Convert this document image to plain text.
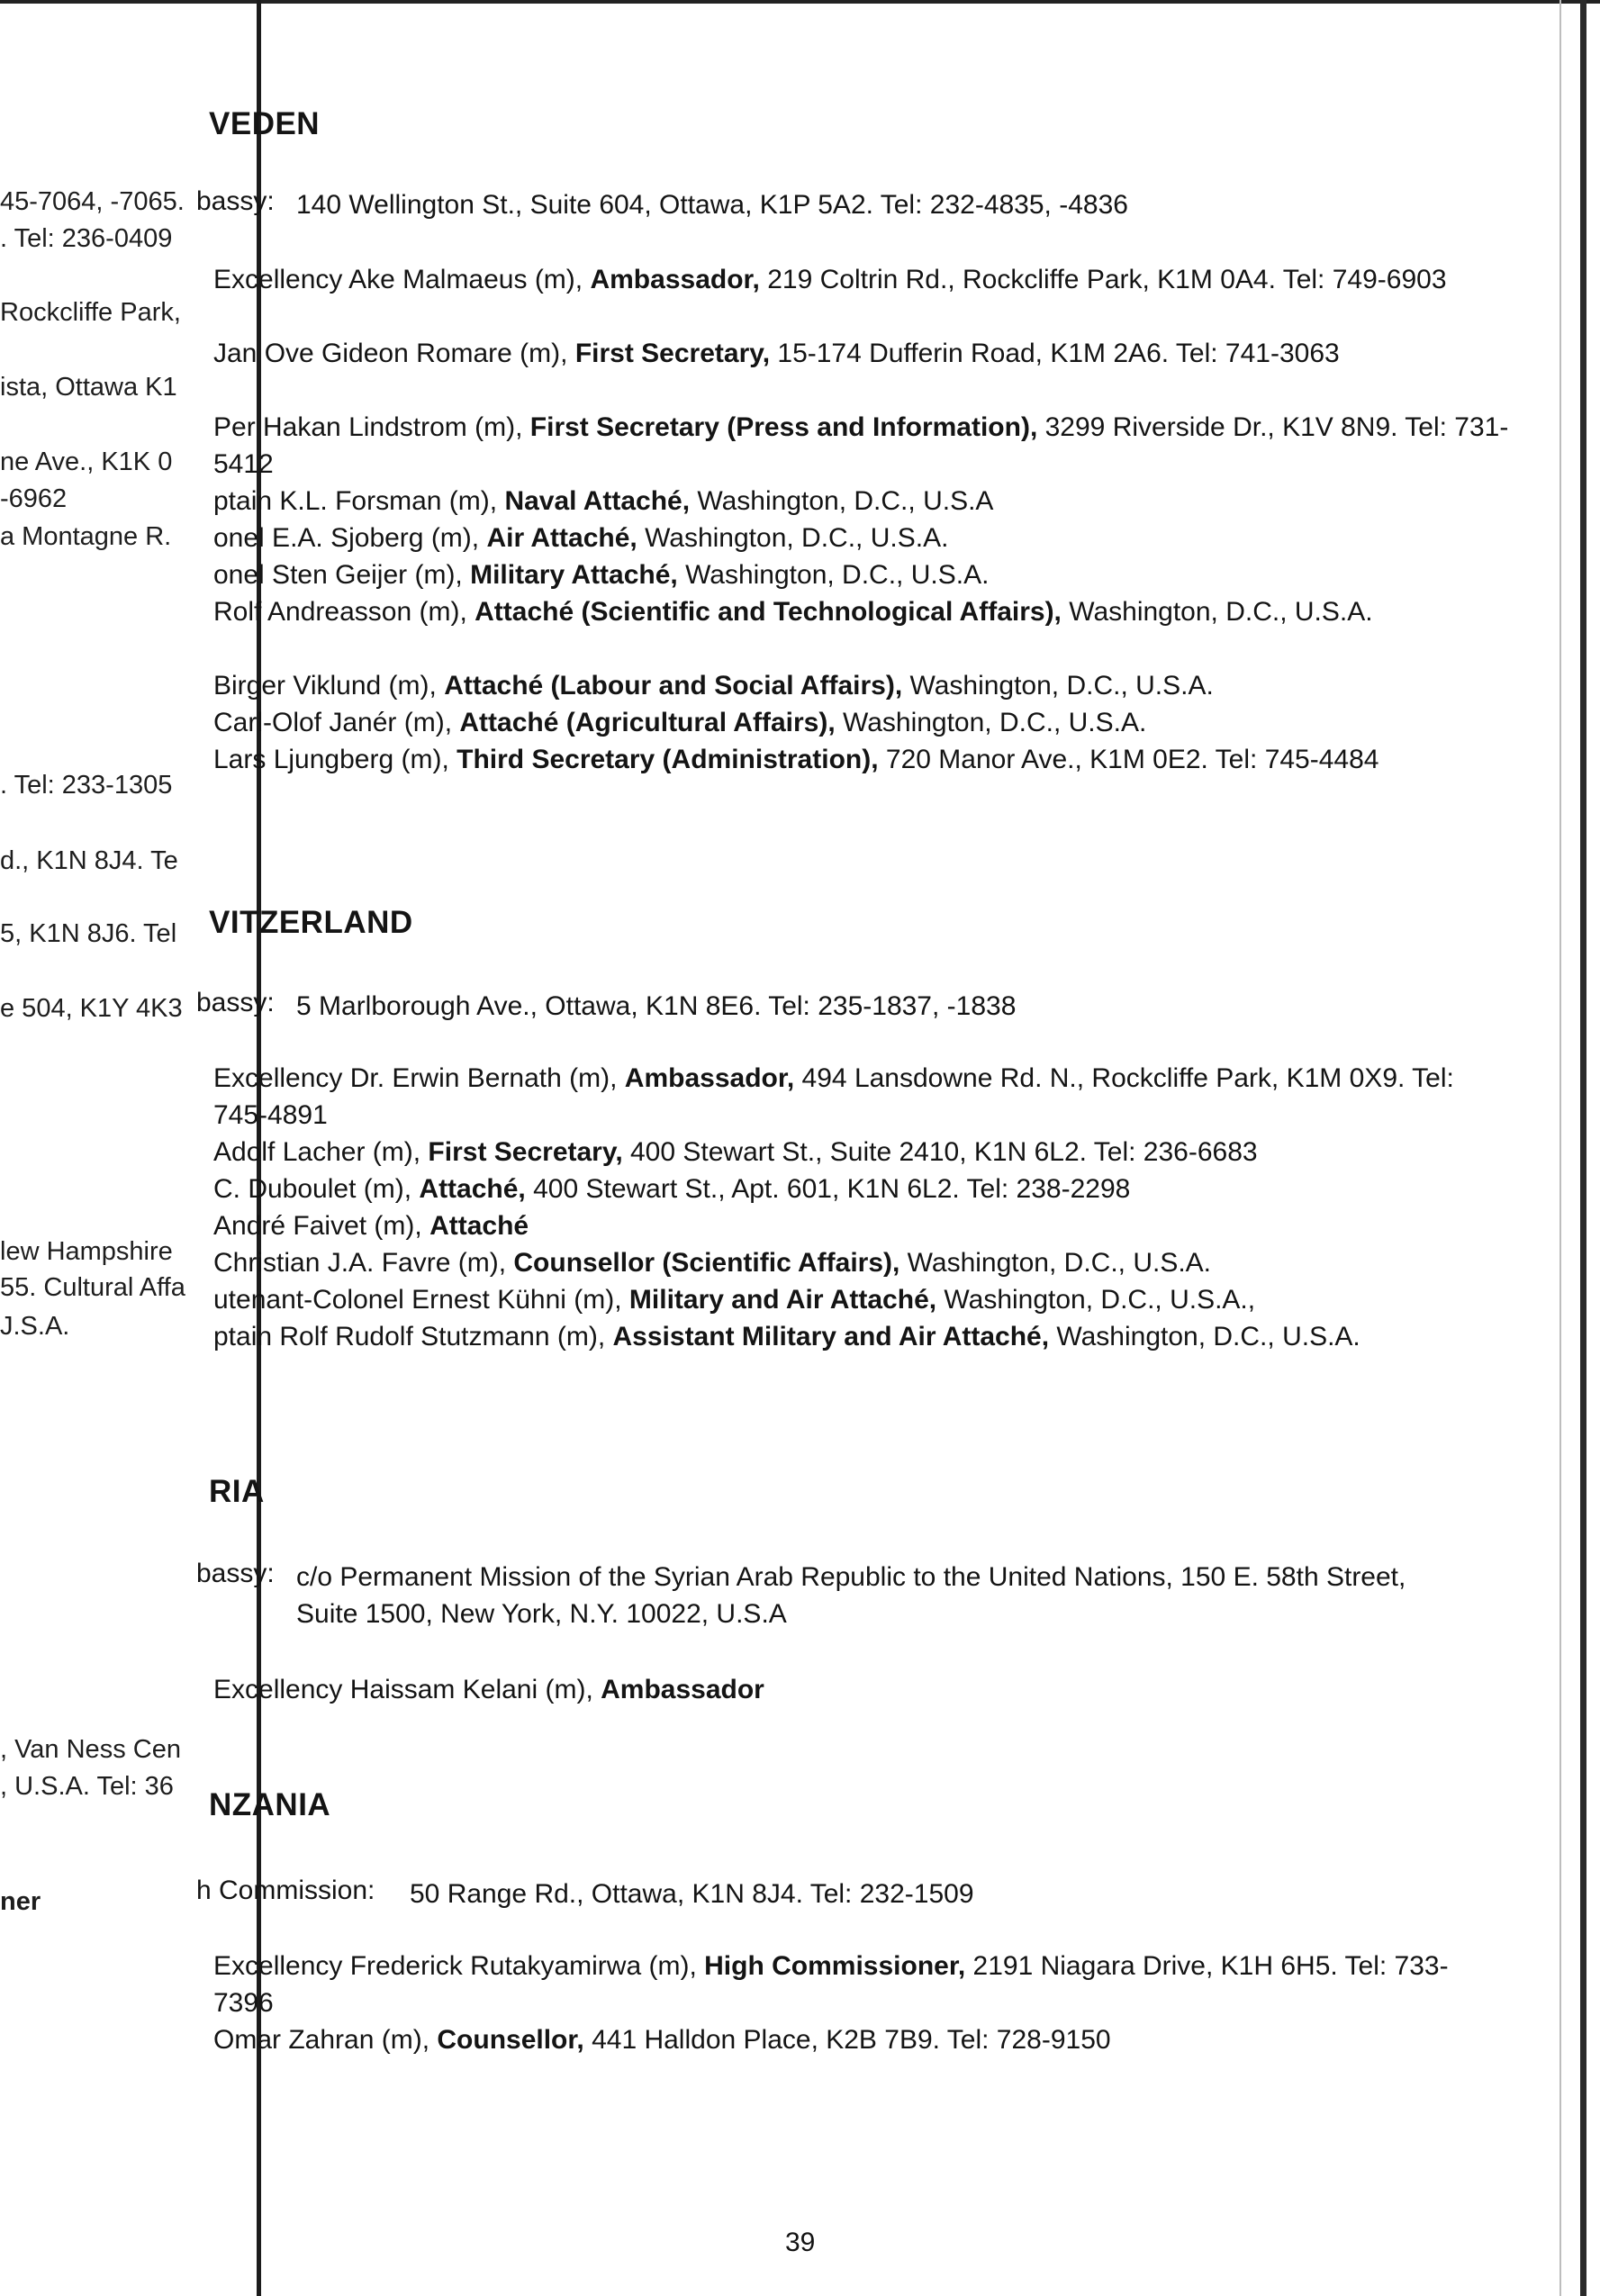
45-7064, -7065.
. Tel: 236-0409
Rockcliffe Park,
ista, Ottawa K1
ne Ave., K1K 0
-6962
a Montagne R.
. Tel: 233-1305
d., K1N 8J4. Te
5, K1N 8J6. Tel
e 504, K1Y 4K3
lew Hampshire
55. Cultural Affa
J.S.A.
, Van Ness Cen
, U.S.A. Tel: 36
ner
VEDEN
bassy: 140 Wellington St., Suite 604, Ottawa, K1P 5A2. Tel: 232-4835, -4836
Excellency Ake Malmaeus (m), Ambassador, 219 Coltrin Rd., Rockcliffe Park, K1M 0A4. Tel: 749-6903
Jan Ove Gideon Romare (m), First Secretary, 15-174 Dufferin Road, K1M 2A6. Tel: 741-3063
Per Hakan Lindstrom (m), First Secretary (Press and Information), 3299 Riverside Dr., K1V 8N9. Tel: 731-5412
ptain K.L. Forsman (m), Naval Attaché, Washington, D.C., U.S.A
onel E.A. Sjoberg (m), Air Attaché, Washington, D.C., U.S.A.
onel Sten Geijer (m), Military Attaché, Washington, D.C., U.S.A.
Rolf Andreasson (m), Attaché (Scientific and Technological Affairs), Washington, D.C., U.S.A.
Birger Viklund (m), Attaché (Labour and Social Affairs), Washington, D.C., U.S.A.
Carl-Olof Janér (m), Attaché (Agricultural Affairs), Washington, D.C., U.S.A.
Lars Ljungberg (m), Third Secretary (Administration), 720 Manor Ave., K1M 0E2. Tel: 745-4484
VITZERLAND
bassy: 5 Marlborough Ave., Ottawa, K1N 8E6. Tel: 235-1837, -1838
Excellency Dr. Erwin Bernath (m), Ambassador, 494 Lansdowne Rd. N., Rockcliffe Park, K1M 0X9. Tel: 745-4891
Adolf Lacher (m), First Secretary, 400 Stewart St., Suite 2410, K1N 6L2. Tel: 236-6683
C. Duboulet (m), Attaché, 400 Stewart St., Apt. 601, K1N 6L2. Tel: 238-2298
André Faivet (m), Attaché
Christian J.A. Favre (m), Counsellor (Scientific Affairs), Washington, D.C., U.S.A.
utenant-Colonel Ernest Kühni (m), Military and Air Attaché, Washington, D.C., U.S.A.,
ptain Rolf Rudolf Stutzmann (m), Assistant Military and Air Attaché, Washington, D.C., U.S.A.
RIA
bassy: c/o Permanent Mission of the Syrian Arab Republic to the United Nations, 150 E. 58th Street, Suite 1500, New York, N.Y. 10022, U.S.A
Excellency Haissam Kelani (m), Ambassador
NZANIA
h Commission: 50 Range Rd., Ottawa, K1N 8J4. Tel: 232-1509
Excellency Frederick Rutakyamirwa (m), High Commissioner, 2191 Niagara Drive, K1H 6H5. Tel: 733-7396
Omar Zahran (m), Counsellor, 441 Halldon Place, K2B 7B9. Tel: 728-9150
39
